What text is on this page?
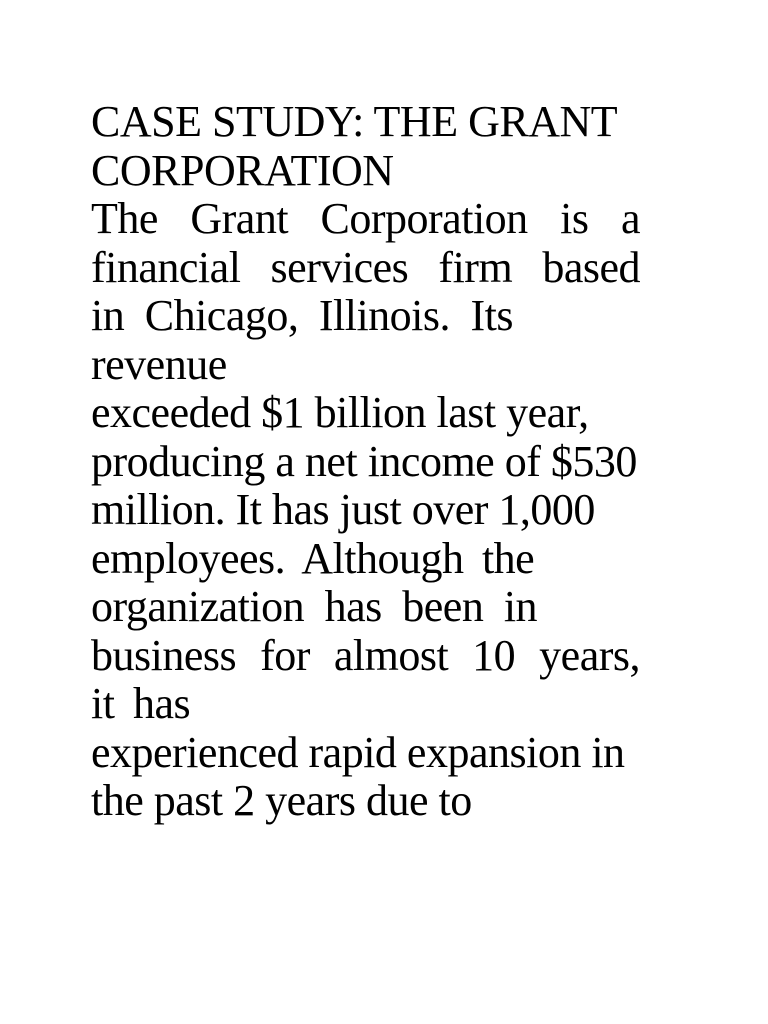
CASE STUDY: THE GRANT
CORPORATION
The Grant Corporation is a
financial services firm based
in Chicago, Illinois. Its
revenue
exceeded $1 billion last year,
producing a net income of $530
million. It has just over 1,000
employees. Although the
organization has been in
business for almost 10 years,
it has
experienced rapid expansion in
the past 2 years due to
